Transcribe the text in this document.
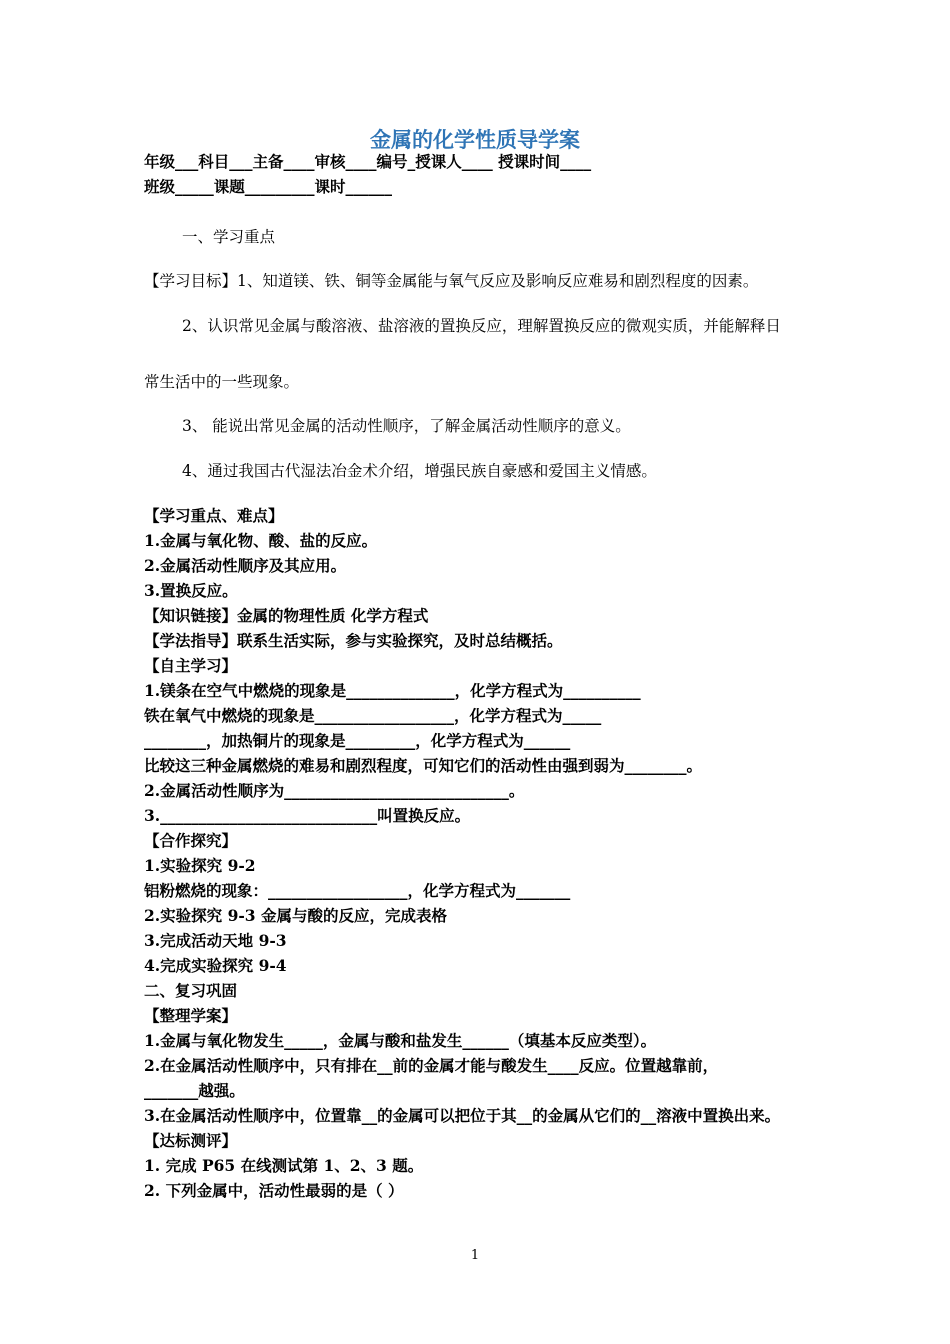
金属的化学性质导学案
年级___科目___主备____审核____编号_授课人____ 授课时间____
班级_____课题_________课时______
一、学习重点
【学习目标】1、知道镁、铁、铜等金属能与氧气反应及影响反应难易和剧烈程度的因素。
2、认识常见金属与酸溶液、盐溶液的置换反应，理解置换反应的微观实质，并能解释日
常生活中的一些现象。
3、 能说出常见金属的活动性顺序，了解金属活动性顺序的意义。
4、通过我国古代湿法冶金术介绍，增强民族自豪感和爱国主义情感。
【学习重点、难点】
1.金属与氧化物、酸、盐的反应。
2.金属活动性顺序及其应用。
3.置换反应。
【知识链接】金属的物理性质 化学方程式
【学法指导】联系生活实际，参与实验探究，及时总结概括。
【自主学习】
1.镁条在空气中燃烧的现象是______________，化学方程式为__________
铁在氧气中燃烧的现象是__________________，化学方程式为_____
________，加热铜片的现象是_________，化学方程式为______
比较这三种金属燃烧的难易和剧烈程度，可知它们的活动性由强到弱为________。
2.金属活动性顺序为_____________________________。
3.____________________________叫置换反应。
【合作探究】
1.实验探究 9-2
铝粉燃烧的现象：__________________，化学方程式为_______
2.实验探究 9-3 金属与酸的反应，完成表格
3.完成活动天地 9-3
4.完成实验探究 9-4
二、复习巩固
【整理学案】
1.金属与氧化物发生_____，金属与酸和盐发生______（填基本反应类型）。
2.在金属活动性顺序中，只有排在__前的金属才能与酸发生____反应。位置越靠前，
_______越强。
3.在金属活动性顺序中，位置靠__的金属可以把位于其__的金属从它们的__溶液中置换出来。
【达标测评】
1. 完成 P65 在线测试第 1、2、3 题。
2. 下列金属中，活动性最弱的是（ ）
1
